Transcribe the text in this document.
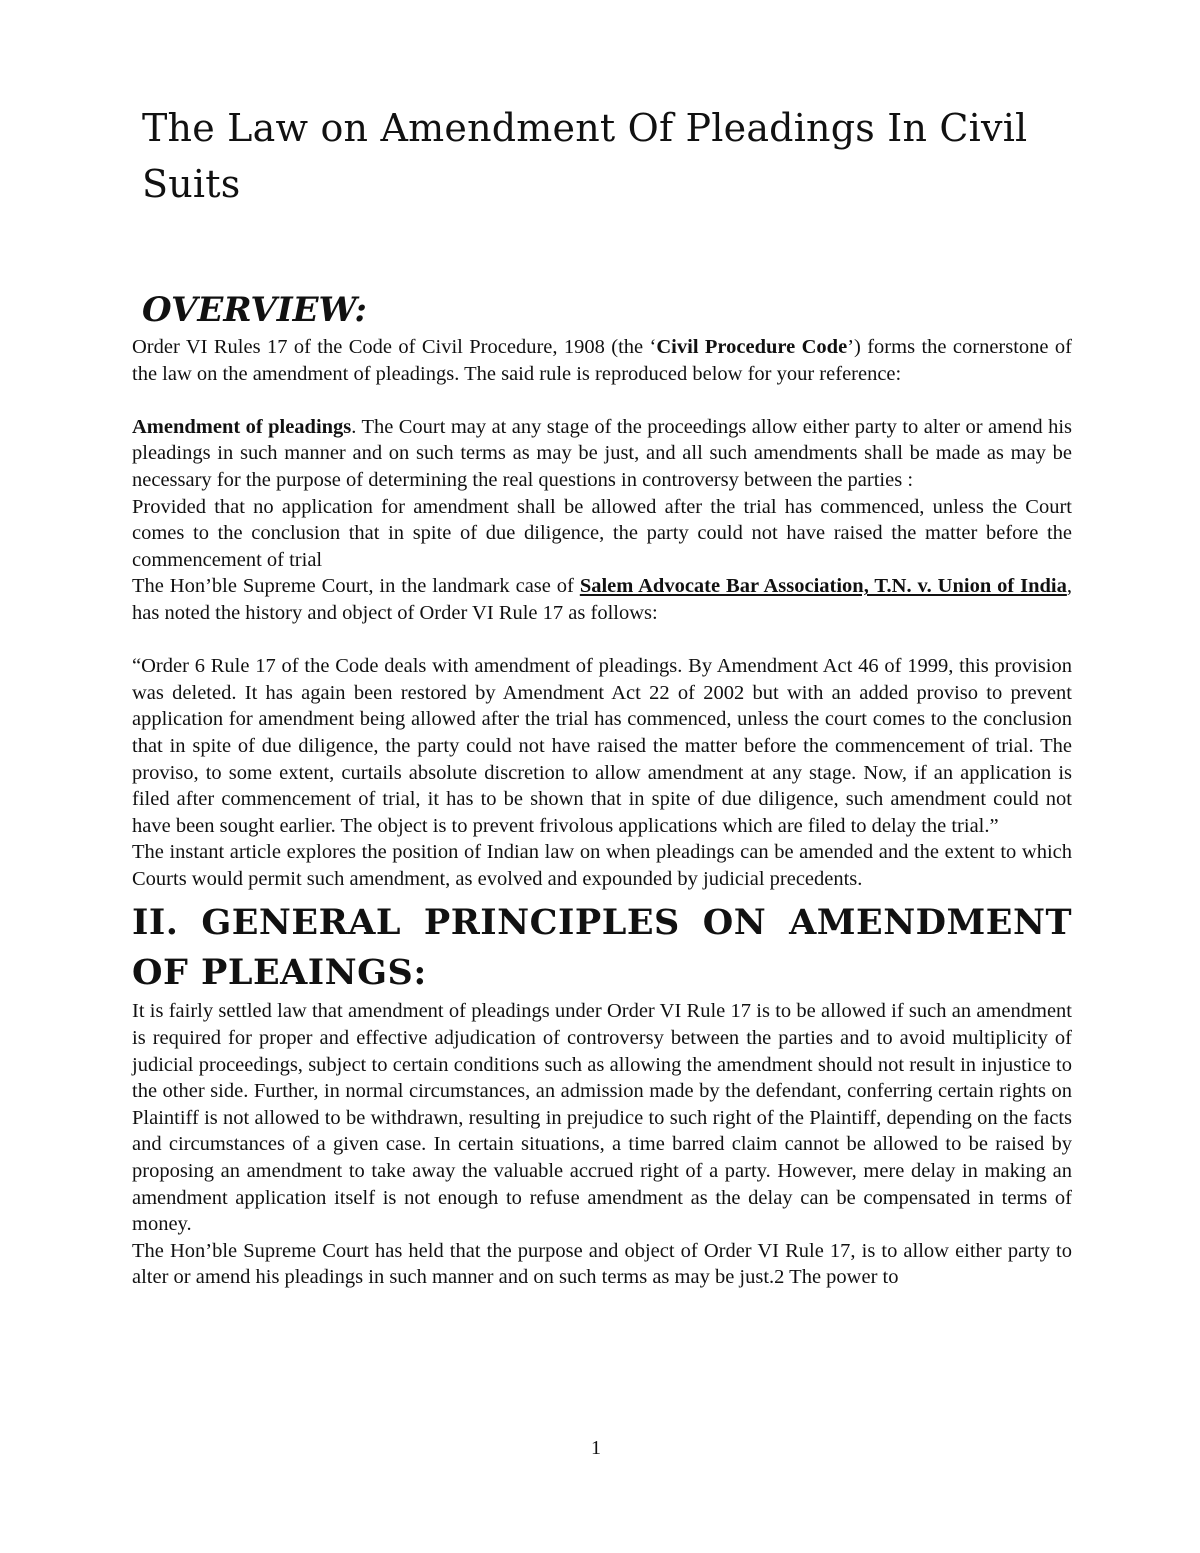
The Law on Amendment Of Pleadings In Civil Suits
OVERVIEW:

Order VI Rules 17 of the Code of Civil Procedure, 1908 (the ‘Civil Procedure Code’) forms the cornerstone of the law on the amendment of pleadings. The said rule is reproduced below for your reference:

Amendment of pleadings. The Court may at any stage of the proceedings allow either party to alter or amend his pleadings in such manner and on such terms as may be just, and all such amendments shall be made as may be necessary for the purpose of determining the real questions in controversy between the parties :

Provided that no application for amendment shall be allowed after the trial has commenced, unless the Court comes to the conclusion that in spite of due diligence, the party could not have raised the matter before the commencement of trial

The Hon’ble Supreme Court, in the landmark case of Salem Advocate Bar Association, T.N. v. Union of India, has noted the history and object of Order VI Rule 17 as follows:

“Order 6 Rule 17 of the Code deals with amendment of pleadings. By Amendment Act 46 of 1999, this provision was deleted. It has again been restored by Amendment Act 22 of 2002 but with an added proviso to prevent application for amendment being allowed after the trial has commenced, unless the court comes to the conclusion that in spite of due diligence, the party could not have raised the matter before the commencement of trial. The proviso, to some extent, curtails absolute discretion to allow amendment at any stage. Now, if an application is filed after commencement of trial, it has to be shown that in spite of due diligence, such amendment could not have been sought earlier. The object is to prevent frivolous applications which are filed to delay the trial.”

The instant article explores the position of Indian law on when pleadings can be amended and the extent to which Courts would permit such amendment, as evolved and expounded by judicial precedents.

II. GENERAL PRINCIPLES ON AMENDMENT OF PLEAINGS:

It is fairly settled law that amendment of pleadings under Order VI Rule 17 is to be allowed if such an amendment is required for proper and effective adjudication of controversy between the parties and to avoid multiplicity of judicial proceedings, subject to certain conditions such as allowing the amendment should not result in injustice to the other side. Further, in normal circumstances, an admission made by the defendant, conferring certain rights on Plaintiff is not allowed to be withdrawn, resulting in prejudice to such right of the Plaintiff, depending on the facts and circumstances of a given case. In certain situations, a time barred claim cannot be allowed to be raised by proposing an amendment to take away the valuable accrued right of a party. However, mere delay in making an amendment application itself is not enough to refuse amendment as the delay can be compensated in terms of money.

The Hon’ble Supreme Court has held that the purpose and object of Order VI Rule 17, is to allow either party to alter or amend his pleadings in such manner and on such terms as may be just.2 The power to

1
